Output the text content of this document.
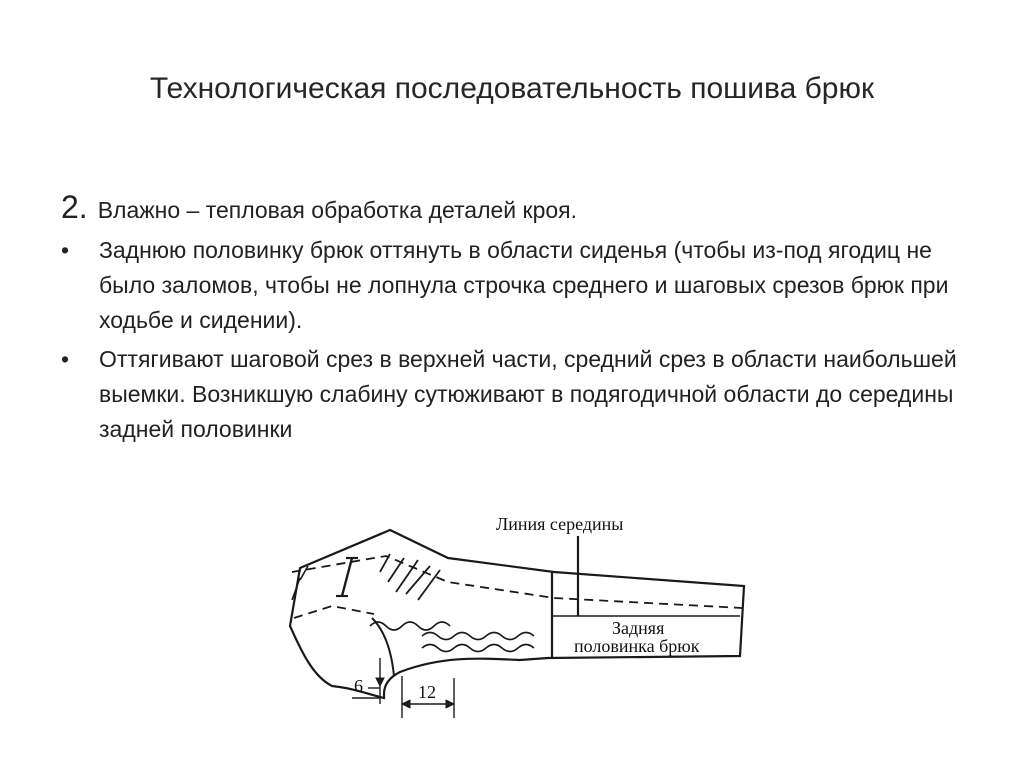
Технологическая последовательность пошива брюк
2. Влажно – тепловая обработка деталей кроя.
• Заднюю половинку брюк оттянуть в области сиденья (чтобы из-под ягодиц не было заломов, чтобы не лопнула строчка среднего и шаговых срезов брюк при ходьбе и сидении).
• Оттягивают шаговой срез в верхней части, средний срез в области наибольшей выемки. Возникшую слабину сутюживают в подягодичной области до середины задней половинки
Линия середины
Задняя
половинка брюк
6	12
